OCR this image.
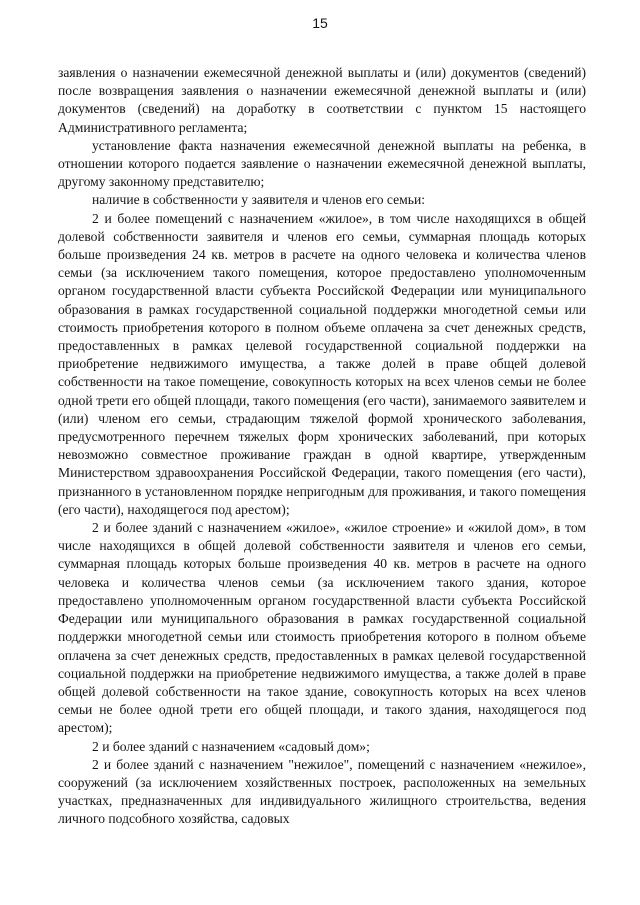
15

заявления о назначении ежемесячной денежной выплаты и (или) документов (сведений) после возвращения заявления о назначении ежемесячной денежной выплаты и (или) документов (сведений) на доработку в соответствии с пунктом 15 настоящего Административного регламента;

установление факта назначения ежемесячной денежной выплаты на ребенка, в отношении которого подается заявление о назначении ежемесячной денежной выплаты, другому законному представителю;

наличие в собственности у заявителя и членов его семьи:

2 и более помещений с назначением «жилое», в том числе находящихся в общей долевой собственности заявителя и членов его семьи, суммарная площадь которых больше произведения 24 кв. метров в расчете на одного человека и количества членов семьи (за исключением такого помещения, которое предоставлено уполномоченным органом государственной власти субъекта Российской Федерации или муниципального образования в рамках государственной социальной поддержки многодетной семьи или стоимость приобретения которого в полном объеме оплачена за счет денежных средств, предоставленных в рамках целевой государственной социальной поддержки на приобретение недвижимого имущества, а также долей в праве общей долевой собственности на такое помещение, совокупность которых на всех членов семьи не более одной трети его общей площади, такого помещения (его части), занимаемого заявителем и (или) членом его семьи, страдающим тяжелой формой хронического заболевания, предусмотренного перечнем тяжелых форм хронических заболеваний, при которых невозможно совместное проживание граждан в одной квартире, утвержденным Министерством здравоохранения Российской Федерации, такого помещения (его части), признанного в установленном порядке непригодным для проживания, и такого помещения (его части), находящегося под арестом);

2 и более зданий с назначением «жилое», «жилое строение» и «жилой дом», в том числе находящихся в общей долевой собственности заявителя и членов его семьи, суммарная площадь которых больше произведения 40 кв. метров в расчете на одного человека и количества членов семьи (за исключением такого здания, которое предоставлено уполномоченным органом государственной власти субъекта Российской Федерации или муниципального образования в рамках государственной социальной поддержки многодетной семьи или стоимость приобретения которого в полном объеме оплачена за счет денежных средств, предоставленных в рамках целевой государственной социальной поддержки на приобретение недвижимого имущества, а также долей в праве общей долевой собственности на такое здание, совокупность которых на всех членов семьи не более одной трети его общей площади, и такого здания, находящегося под арестом);

2 и более зданий с назначением «садовый дом»;

2 и более зданий с назначением "нежилое", помещений с назначением «нежилое», сооружений (за исключением хозяйственных построек, расположенных на земельных участках, предназначенных для индивидуального жилищного строительства, ведения личного подсобного хозяйства, садовых
